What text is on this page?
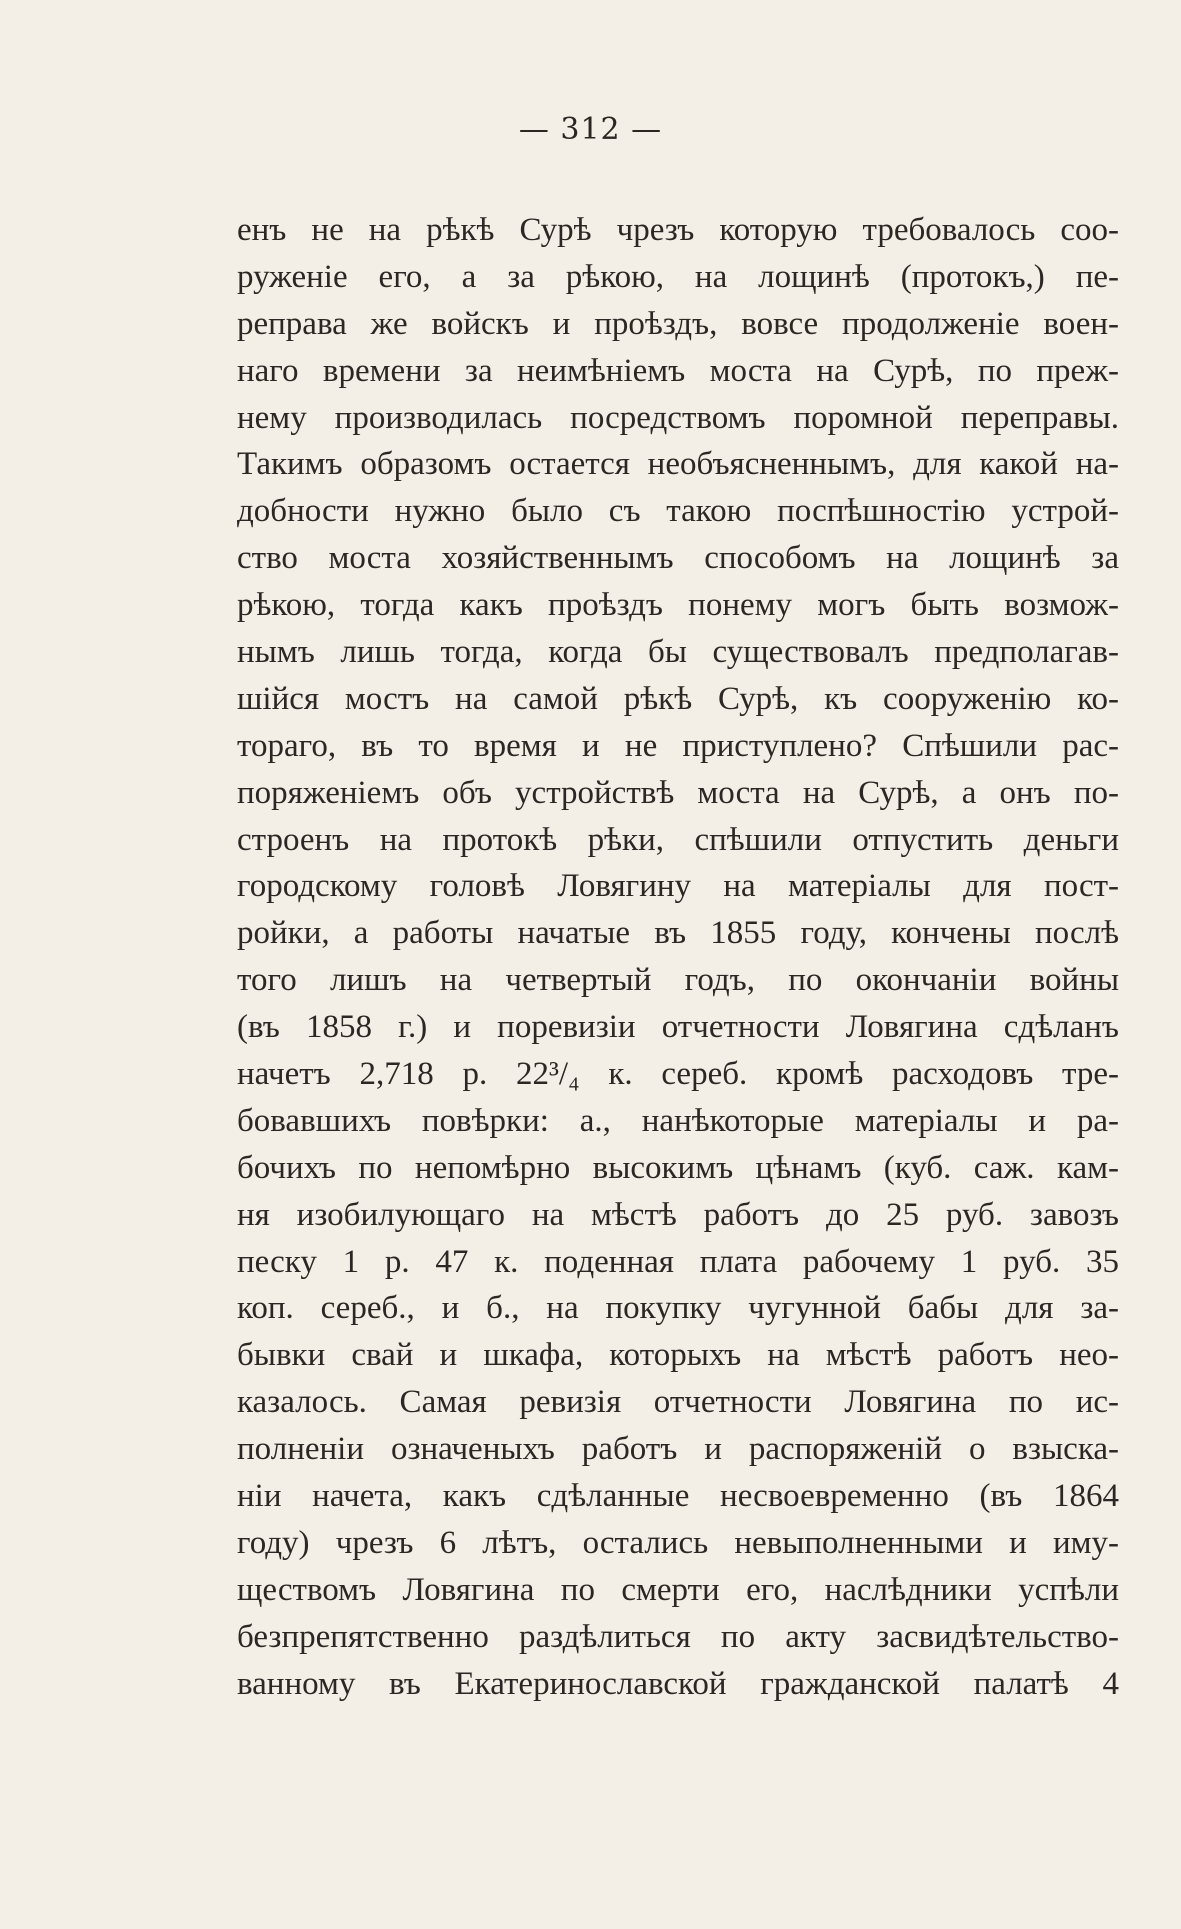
— 312 —
енъ не на рѣкѣ Сурѣ чрезъ которую требовалось соо-
руженіе его, а за рѣкою, на лощинѣ (протокъ,) пе-
реправа же войскъ и проѣздъ, вовсе продолженіе воен-
наго времени за неимѣніемъ моста на Сурѣ, по преж-
нему производилась посредствомъ поромной переправы.
Такимъ образомъ остается необъясненнымъ, для какой на-
добности нужно было съ такою поспѣшностію устрой-
ство моста хозяйственнымъ способомъ на лощинѣ за
рѣкою, тогда какъ проѣздъ понему могъ быть возмож-
нымъ лишь тогда, когда бы существовалъ предполагав-
шійся мостъ на самой рѣкѣ Сурѣ, къ сооруженію ко-
тораго, въ то время и не приступлено? Спѣшили рас-
поряженіемъ объ устройствѣ моста на Сурѣ, а онъ по-
строенъ на протокѣ рѣки, спѣшили отпустить деньги
городскому головѣ Ловягину на матеріалы для пост-
ройки, а работы начатые въ 1855 году, кончены послѣ
того лишъ на четвертый годъ, по окончаніи войны
(въ 1858 г.) и поревизіи отчетности Ловягина сдѣланъ
начетъ 2,718 р. 22³/₄ к. сереб. кромѣ расходовъ тре-
бовавшихъ повѣрки: а., нанѣкоторые матеріалы и ра-
бочихъ по непомѣрно высокимъ цѣнамъ (куб. саж. кам-
ня изобилующаго на мѣстѣ работъ до 25 руб. завозъ
песку 1 р. 47 к. поденная плата рабочему 1 руб. 35
коп. сереб., и б., на покупку чугунной бабы для за-
бывки свай и шкафа, которыхъ на мѣстѣ работъ нео-
казалось. Самая ревизія отчетности Ловягина по ис-
полненіи означеныхъ работъ и распоряженій о взыска-
ніи начета, какъ сдѣланные несвоевременно (въ 1864
году) чрезъ 6 лѣтъ, остались невыполненными и иму-
ществомъ Ловягина по смерти его, наслѣдники успѣли
безпрепятственно раздѣлиться по акту засвидѣтельство-
ванному въ Екатеринославской гражданской палатѣ 4
